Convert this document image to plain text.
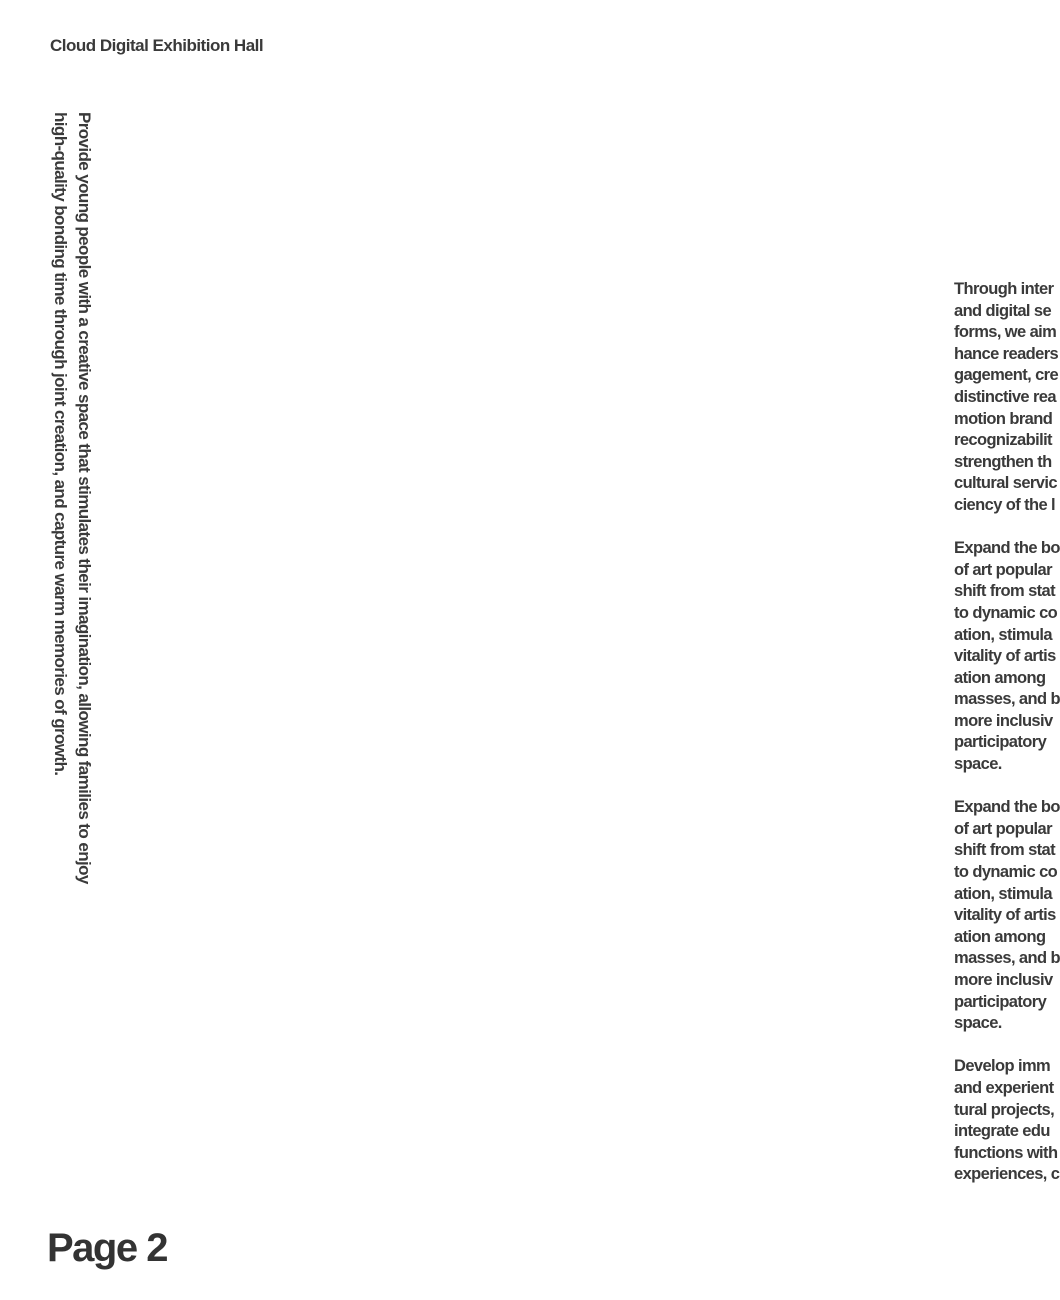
Cloud Digital Exhibition Hall
Provide young people with a creative space that stimulates their imagination, allowing families to enjoy
high-quality bonding time through joint creation, and capture warm memories of growth.	Through inter
and digital se
forms, we aim
hance readers
gagement, cre
distinctive rea
motion brand
recognizabilit
strengthen th
cultural servic
ciency of the l

Expand the bo
of art popular
shift from stat
to dynamic co
ation, stimula
vitality of artis
ation among
masses, and b
more inclusiv
participatory
space.

Expand the bo
of art popular
shift from stat
to dynamic co
ation, stimula
vitality of artis
ation among
masses, and b
more inclusiv
participatory
space.

Develop imm
and experient
tural projects,
integrate edu
functions with
experiences, c

Page 2
